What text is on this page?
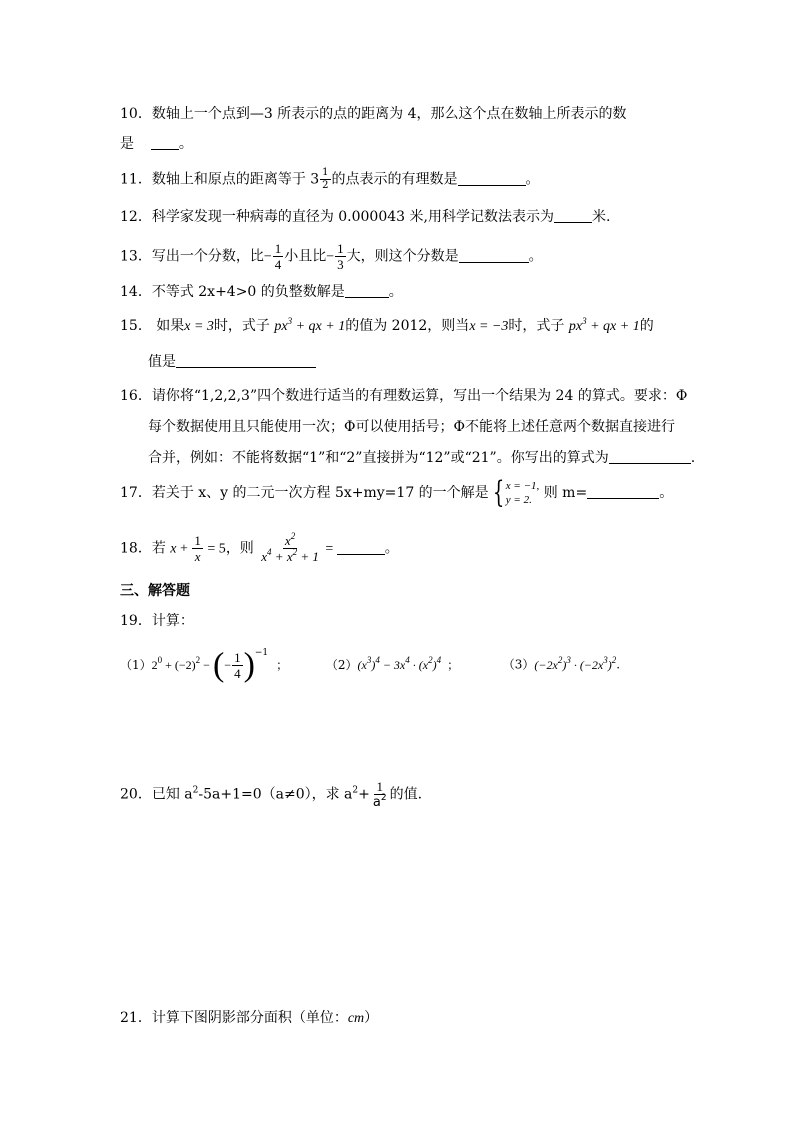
10．数轴上一个点到—3 所表示的点的距离为 4，那么这个点在数轴上所表示的数
是	。
11．数轴上和原点的距离等于 $3 \frac{1}{2}$ 的点表示的有理数是	。
12．科学家发现一种病毒的直径为 0.000043 米,用科学记数法表示为	米.
13．写出一个分数，比− $\frac{1}{4}$ 小且比− $\frac{1}{3}$ 大，则这个分数是	。
14．不等式 2x+4>0 的负整数解是	。
15． 如果x = 3时，式子 $px^3$ + qx + 1的值为 2012，则当x = −3时，式子 $px^3$ + qx + 1的
值是
16．请你将“1,2,2,3”四个数进行适当的有理数运算，写出一个结果为 24 的算式。要求：Φ
每个数据使用且只能使用一次；Φ可以使用括号；Φ不能将上述任意两个数据直接进行
合并，例如：不能将数据“1”和“2”直接拼为“12”或“21”。你写出的算式为	.
17．若关于 x、y 的二元一次方程 5x+my=17 的一个解是 { x = −1,
y = 2. 则 m=	。
18．若 $x + \frac{1}{x} = 5$，则 $\frac{x^2}{x^4 + x^2 + 1}$ =	。
三、解答题
19．计算：
$(1)2^0 + (-2)^2$ − (− $\frac{1}{4} )^{-1}$；	$(2)(x^3)^4 - 3x^4 \cdot (x^2)^4$ ；	$(3)(-2x^2)^3 \cdot (-2x^3)^2$.
20．已知 $a^2-5a+1=0(a\ne 0)$，求 $a^2+ \frac{1}{a^2}$ 的值.
21．计算下图阴影部分面积（单位：cm）
